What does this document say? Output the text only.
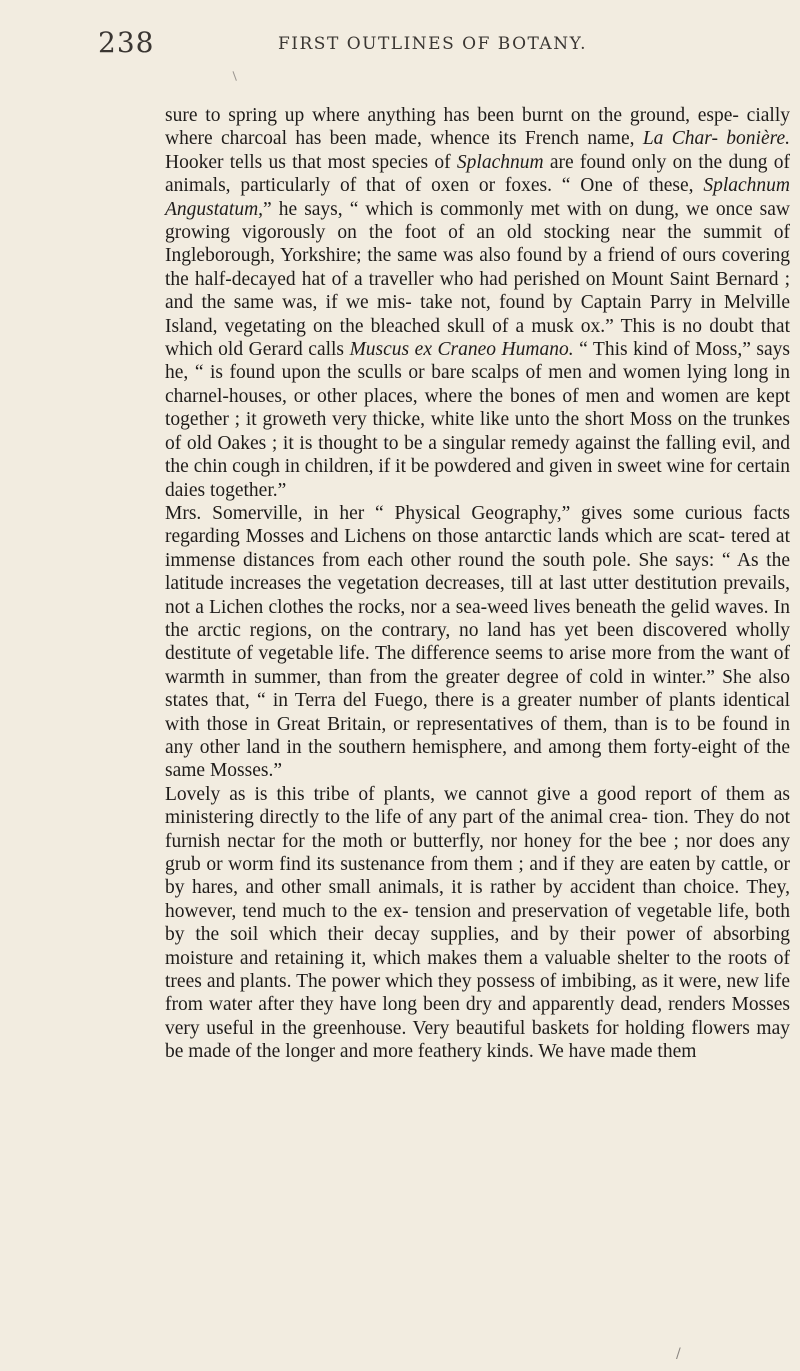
238	FIRST OUTLINES OF BOTANY.

sure to spring up where anything has been burnt on the ground, espe- cially where charcoal has been made, whence its French name, La Char- bonière. Hooker tells us that most species of Splachnum are found only on the dung of animals, particularly of that of oxen or foxes. “ One of these, Splachnum Angustatum,” he says, “ which is commonly met with on dung, we once saw growing vigorously on the foot of an old stocking near the summit of Ingleborough, Yorkshire; the same was also found by a friend of ours covering the half-decayed hat of a traveller who had perished on Mount Saint Bernard ; and the same was, if we mis- take not, found by Captain Parry in Melville Island, vegetating on the bleached skull of a musk ox.” This is no doubt that which old Gerard calls Muscus ex Craneo Humano. “ This kind of Moss,” says he, “ is found upon the sculls or bare scalps of men and women lying long in charnel-houses, or other places, where the bones of men and women are kept together ; it groweth very thicke, white like unto the short Moss on the trunkes of old Oakes ; it is thought to be a singular remedy against the falling evil, and the chin cough in children, if it be powdered and given in sweet wine for certain daies together.”

Mrs. Somerville, in her “ Physical Geography,” gives some curious facts regarding Mosses and Lichens on those antarctic lands which are scat- tered at immense distances from each other round the south pole. She says: “ As the latitude increases the vegetation decreases, till at last utter destitution prevails, not a Lichen clothes the rocks, nor a sea-weed lives beneath the gelid waves. In the arctic regions, on the contrary, no land has yet been discovered wholly destitute of vegetable life. The difference seems to arise more from the want of warmth in summer, than from the greater degree of cold in winter.” She also states that, “ in Terra del Fuego, there is a greater number of plants identical with those in Great Britain, or representatives of them, than is to be found in any other land in the southern hemisphere, and among them forty-eight of the same Mosses.”

Lovely as is this tribe of plants, we cannot give a good report of them as ministering directly to the life of any part of the animal crea- tion. They do not furnish nectar for the moth or butterfly, nor honey for the bee ; nor does any grub or worm find its sustenance from them ; and if they are eaten by cattle, or by hares, and other small animals, it is rather by accident than choice. They, however, tend much to the ex- tension and preservation of vegetable life, both by the soil which their decay supplies, and by their power of absorbing moisture and retaining it, which makes them a valuable shelter to the roots of trees and plants. The power which they possess of imbibing, as it were, new life from water after they have long been dry and apparently dead, renders Mosses very useful in the greenhouse. Very beautiful baskets for holding flowers may be made of the longer and more feathery kinds. We have made them

/
